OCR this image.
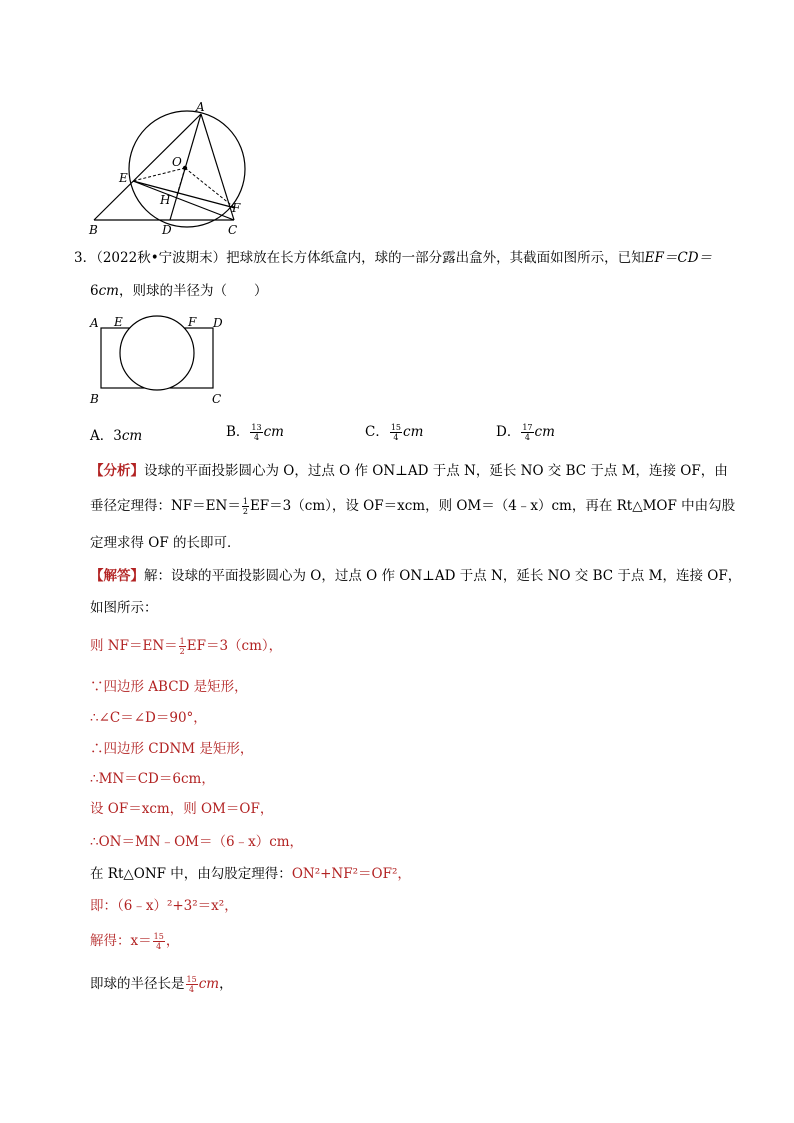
A
O
E
H
F
B	D	C
3．（2022秋•宁波期末）把球放在长方体纸盒内，球的一部分露出盒外，其截面如图所示，已知EF＝CD＝
6cm，则球的半径为（　　）
A E	F D
B	C
A．3cm	B． $\frac{13}{4}$ cm	C． $\frac{15}{4}$ cm	D． $\frac{17}{4}$ cm
【分析】设球的平面投影圆心为 O，过点 O 作 ON⊥AD 于点 N，延长 NO 交 BC 于点 M，连接 OF，由
垂径定理得：$NF=EN= \frac{1}{2} EF=3(cm)$，设 OF＝xcm，则 OM＝（4﹣x）cm，再在 Rt△MOF 中由勾股
定理求得 OF 的长即可．
【解答】解：设球的平面投影圆心为 O，过点 O 作 ON⊥AD 于点 N，延长 NO 交 BC 于点 M，连接 OF，
如图所示：
则 $NF=EN= \frac{1}{2} EF=3(cm)$，
∵四边形 ABCD 是矩形，
∴∠C＝∠D＝90°，
∴四边形 CDNM 是矩形，
∴MN＝CD＝6cm，
设 OF＝xcm，则 OM＝OF，
∴ON＝MN﹣OM＝（6﹣x）cm，
在 Rt△ONF 中，由勾股定理得：ON²+NF²＝OF²，
即：（6﹣x）²+3²＝x²，
解得：$x= \frac{15}{4}$ ，
即球的半径长是 $\frac{15}{4}$ cm，
